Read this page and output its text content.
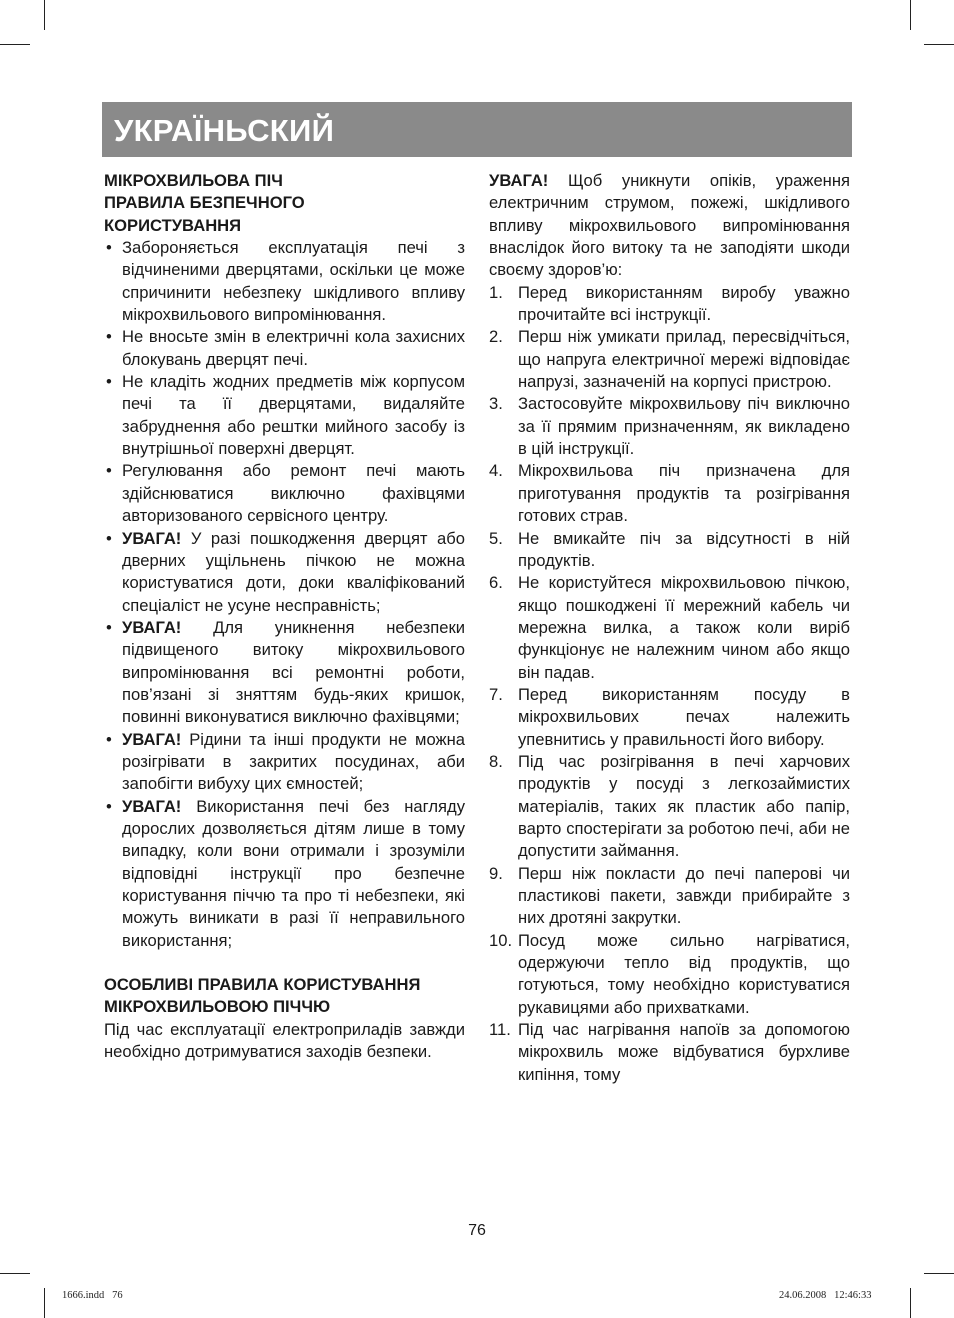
УКРАЇНЬСКИЙ
МІКРОХВИЛЬОВА ПІЧ
ПРАВИЛА БЕЗПЕЧНОГО
КОРИСТУВАННЯ
• Забороняється експлуатація печі з відчиненими дверцятами, оскільки це може спричинити небезпеку шкідливого впливу мікрохвильового випромінювання.
• Не вносьте змін в електричні кола захисних блокувань дверцят печі.
• Не кладіть жодних предметів між корпусом печі та її дверцятами, видаляйте забруднення або рештки мийного засобу із внутрішньої поверхні дверцят.
• Регулювання або ремонт печі мають здійснюватися виключно фахівцями авторизованого сервісного центру.
• УВАГА! У разі пошкодження дверцят або дверних ущільнень пічкою не можна користуватися доти, доки кваліфікований спеціаліст не усуне несправність;
• УВАГА! Для уникнення небезпеки підвищеного витоку мікрохвильового випромінювання всі ремонтні роботи, пов’язані зі зняттям будь-яких кришок, повинні виконуватися виключно фахівцями;
• УВАГА! Рідини та інші продукти не можна розігрівати в закритих посудинах, аби запобігти вибуху цих ємностей;
• УВАГА! Використання печі без нагляду дорослих дозволяється дітям лише в тому випадку, коли вони отримали і зрозуміли відповідні інструкції про безпечне користування піччю та про ті небезпеки, які можуть виникати в разі її неправильного використання;
ОСОБЛИВІ ПРАВИЛА КОРИСТУВАННЯ
МІКРОХВИЛЬОВОЮ ПІЧЧЮ

Під час експлуатації електроприладів завжди необхідно дотримуватися заходів безпеки.

УВАГА! Щоб уникнути опіків, ураження електричним струмом, пожежі, шкідливого впливу мікрохвильового випромінювання внаслідок його витоку та не заподіяти шкоди своєму здоров’ю:

1. Перед використанням виробу уважно прочитайте всі інструкції.
2. Перш ніж умикати прилад, пересвідчіться, що напруга електричної мережі відповідає напрузі, зазначеній на корпусі пристрою.
3. Застосовуйте мікрохвильову піч виключно за її прямим призначенням, як викладено в цій інструкції.
4. Мікрохвильова піч призначена для приготування продуктів та розігрівання готових страв.
5. Не вмикайте піч за відсутності в ній продуктів.
6. Не користуйтеся мікрохвильовою пічкою, якщо пошкоджені її мережний кабель чи мережна вилка, а також коли виріб функціонує не належним чином або якщо він падав.
7. Перед використанням посуду в мікрохвильових печах належить упевнитись у правильності його вибору.
8. Під час розігрівання в печі харчових продуктів у посуді з легкозаймистих матеріалів, таких як пластик або папір, варто спостерігати за роботою печі, аби не допустити займання.
9. Перш ніж покласти до печі паперові чи пластикові пакети, завжди прибирайте з них дротяні закрутки.
10. Посуд може сильно нагріватися, одержуючи тепло від продуктів, що готуються, тому необхідно користуватися рукавицями або прихватками.
11. Під час нагрівання напоїв за допомогою мікрохвиль може відбуватися бурхливе кипіння, тому
76
1666.indd   76	24.06.2008   12:46:33
